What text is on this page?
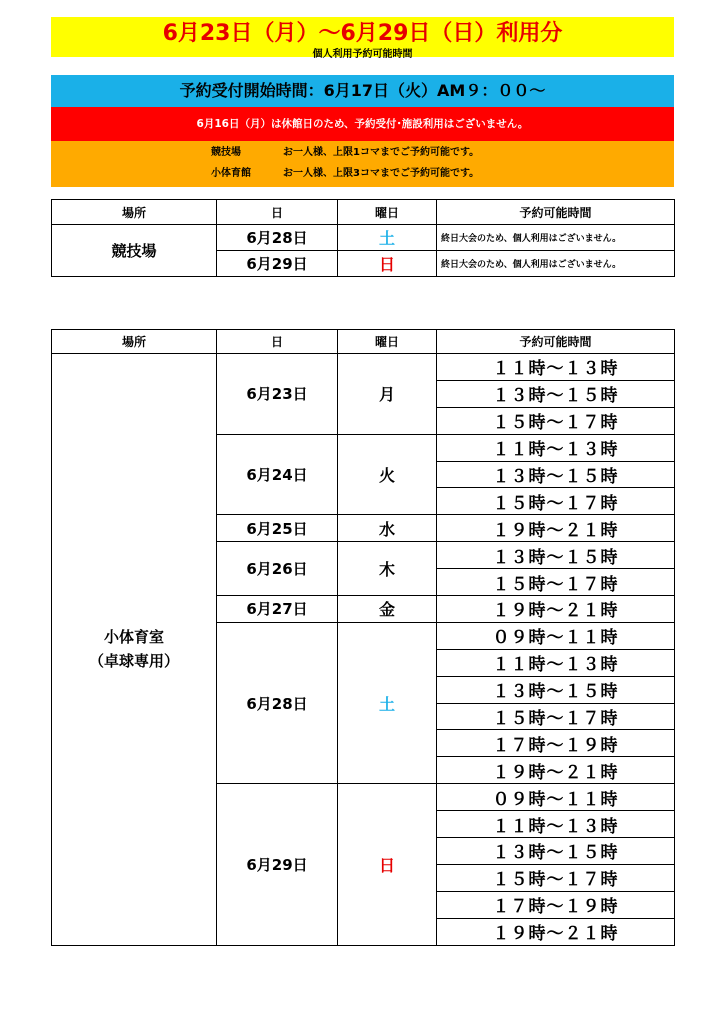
6月23日（月）～6月29日（日）利用分
個人利用予約可能時間
予約受付開始時間：6月17日（火）AM９：００～
6月16日（月）は休館日のため、予約受付･施設利用はございません。
競技場	お一人様、上限1コマまでご予約可能です。
小体育館	お一人様、上限3コマまでご予約可能です。
場所	日	曜日	予約可能時間
競技場	6月28日	土	終日大会のため、個人利用はございません。
	6月29日	日	終日大会のため、個人利用はございません。
場所	日	曜日	予約可能時間

小体育室
（卓球専用）	6月23日	月	１１時～１３時
			１３時～１５時
			１５時～１７時
	6月24日	火	１１時～１３時
			１３時～１５時
			１５時～１７時
	6月25日	水	１９時～２１時
	6月26日	木	１３時～１５時
			１５時～１７時
	6月27日	金	１９時～２１時
	6月28日	土	０９時～１１時
			１１時～１３時
			１３時～１５時
			１５時～１７時
			１７時～１９時
			１９時～２１時
	6月29日	日	０９時～１１時
			１１時～１３時
			１３時～１５時
			１５時～１７時
			１７時～１９時
			１９時～２１時
